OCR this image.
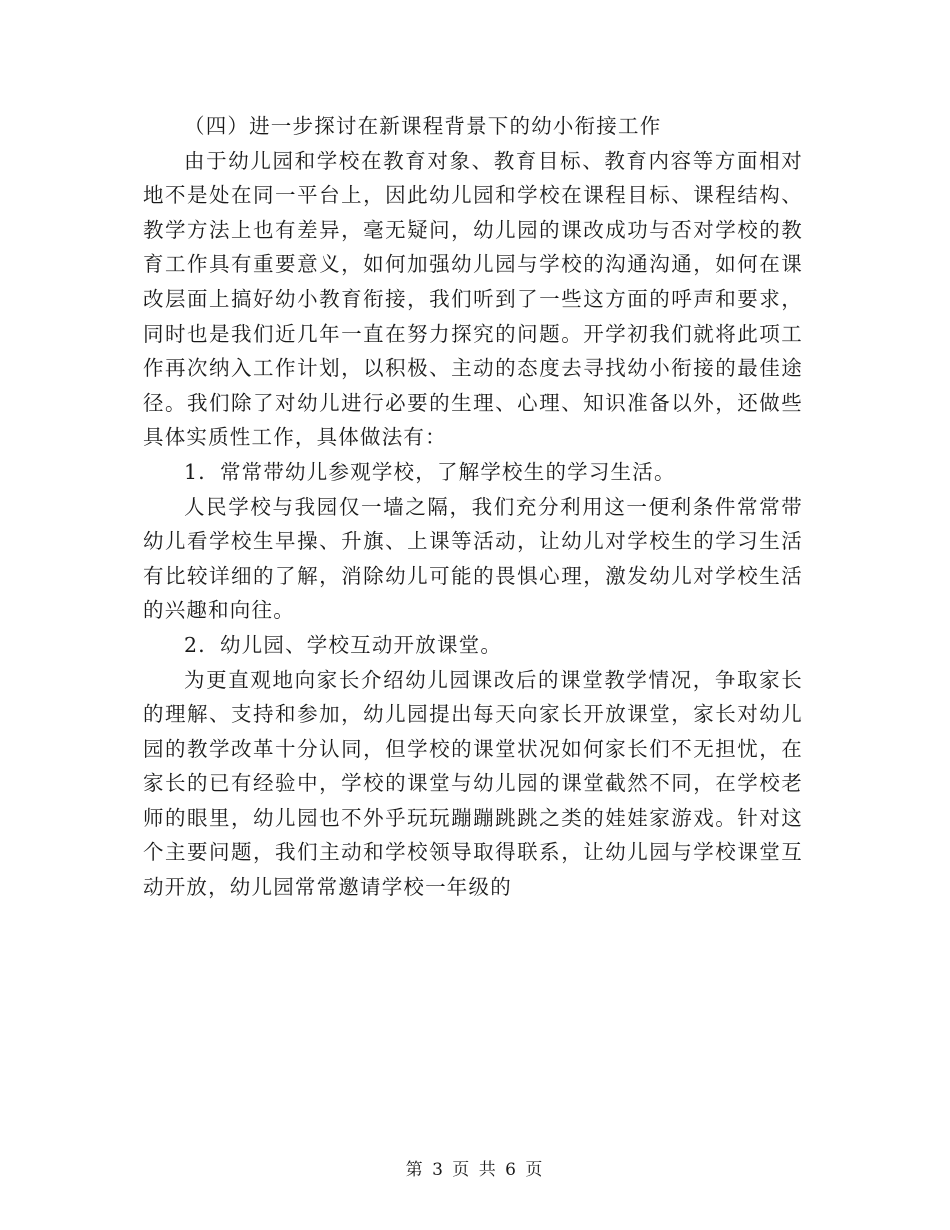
（四）进一步探讨在新课程背景下的幼小衔接工作
由于幼儿园和学校在教育对象、教育目标、教育内容等方面相对
地不是处在同一平台上，因此幼儿园和学校在课程目标、课程结构、
教学方法上也有差异，毫无疑问，幼儿园的课改成功与否对学校的教
育工作具有重要意义，如何加强幼儿园与学校的沟通沟通，如何在课
改层面上搞好幼小教育衔接，我们听到了一些这方面的呼声和要求，
同时也是我们近几年一直在努力探究的问题。开学初我们就将此项工
作再次纳入工作计划，以积极、主动的态度去寻找幼小衔接的最佳途
径。我们除了对幼儿进行必要的生理、心理、知识准备以外，还做些
具体实质性工作，具体做法有：
1．常常带幼儿参观学校，了解学校生的学习生活。
人民学校与我园仅一墙之隔，我们充分利用这一便利条件常常带
幼儿看学校生早操、升旗、上课等活动，让幼儿对学校生的学习生活
有比较详细的了解，消除幼儿可能的畏惧心理，激发幼儿对学校生活
的兴趣和向往。
2．幼儿园、学校互动开放课堂。
为更直观地向家长介绍幼儿园课改后的课堂教学情况，争取家长
的理解、支持和参加，幼儿园提出每天向家长开放课堂，家长对幼儿
园的教学改革十分认同，但学校的课堂状况如何家长们不无担忧，在
家长的已有经验中，学校的课堂与幼儿园的课堂截然不同，在学校老
师的眼里，幼儿园也不外乎玩玩蹦蹦跳跳之类的娃娃家游戏。针对这
个主要问题，我们主动和学校领导取得联系，让幼儿园与学校课堂互
动开放，幼儿园常常邀请学校一年级的
第 3 页 共 6 页
